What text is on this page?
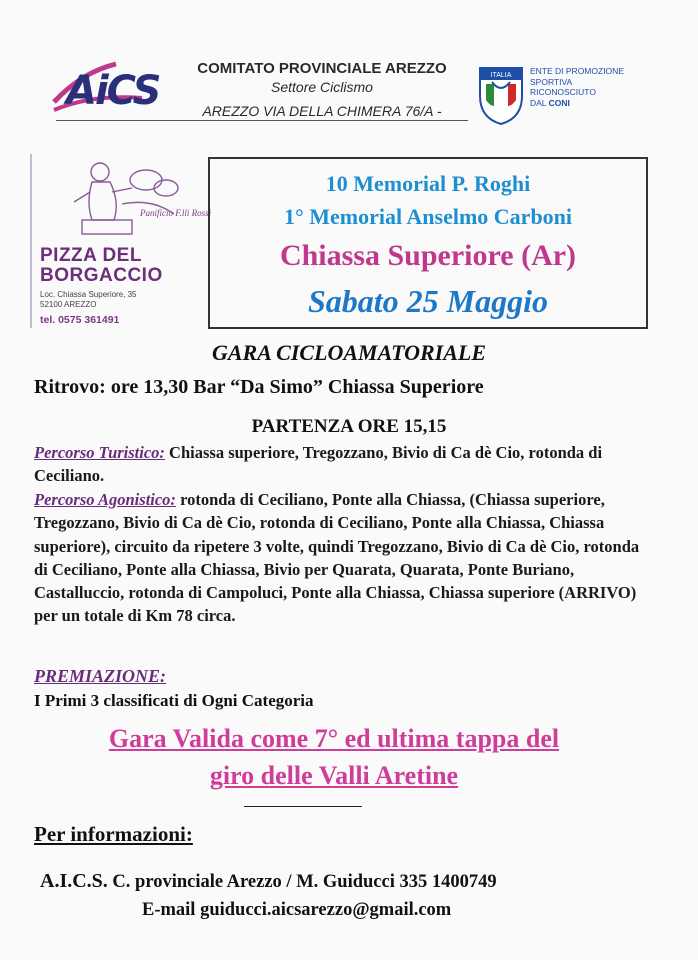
AiCS	COMITATO PROVINCIALE AREZZO
Settore Ciclismo
AREZZO VIA DELLA CHIMERA 76/A -
ITALIA ENTE DI PROMOZIONE
SPORTIVA
RICONOSCIUTO
DAL CONI
Panificio F.lli Rossi
PIZZA DEL
BORGACCIO
Loc. Chiassa Superiore, 35
52100 AREZZO
tel. 0575 361491
10 Memorial P. Roghi
1° Memorial Anselmo Carboni
Chiassa Superiore (Ar)
Sabato 25 Maggio
GARA CICLOAMATORIALE
Ritrovo: ore 13,30 Bar “Da Simo” Chiassa Superiore
PARTENZA ORE 15,15
Percorso Turistico: Chiassa superiore, Tregozzano, Bivio di Ca dè Cio, rotonda di Ceciliano.
Percorso Agonistico: rotonda di Ceciliano, Ponte alla Chiassa, (Chiassa superiore, Tregozzano, Bivio di Ca dè Cio, rotonda di Ceciliano, Ponte alla Chiassa, Chiassa superiore), circuito da ripetere 3 volte, quindi Tregozzano, Bivio di Ca dè Cio, rotonda di Ceciliano, Ponte alla Chiassa, Bivio per Quarata, Quarata, Ponte Buriano, Castalluccio, rotonda di Campoluci, Ponte alla Chiassa, Chiassa superiore (ARRIVO) per un totale di Km 78 circa.
PREMIAZIONE:
I Primi 3 classificati di Ogni Categoria
Gara Valida come 7° ed ultima tappa del
giro delle Valli Aretine
Per informazioni:
A.I.C.S. C. provinciale Arezzo / M. Guiducci 335 1400749
E-mail guiducci.aicsarezzo@gmail.com
